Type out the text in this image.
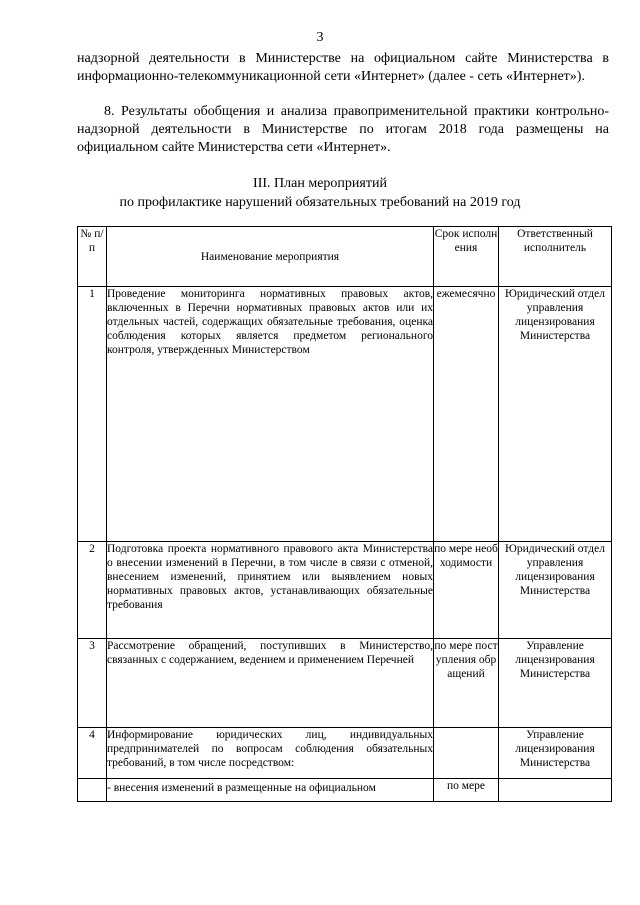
3

надзорной деятельности в Министерстве на официальном сайте Министерства в информационно-телекоммуникационной сети «Интернет» (далее - сеть «Интернет»).

8. Результаты обобщения и анализа правоприменительной практики контрольно-надзорной деятельности в Министерстве по итогам 2018 года размещены на официальном сайте Министерства сети «Интернет».

III. План мероприятий
по профилактике нарушений обязательных требований на 2019 год
№ п/п	Наименование мероприятия	Срок исполнения	Ответственный исполнитель
1	Проведение мониторинга нормативных правовых актов, включенных в Перечни нормативных правовых актов или их отдельных частей, содержащих обязательные требования, оценка соблюдения которых является предметом регионального контроля, утвержденных Министерством	ежемесячно	Юридический отдел управления лицензирования Министерства
2	Подготовка проекта нормативного правового акта Министерства о внесении изменений в Перечни, в том числе в связи с отменой, внесением изменений, принятием или выявлением новых нормативных правовых актов, устанавливающих обязательные требования	по мере необходимости	Юридический отдел управления лицензирования Министерства
3	Рассмотрение обращений, поступивших в Министерство, связанных с содержанием, ведением и применением Перечней	по мере поступления обращений	Управление лицензирования Министерства
4	Информирование юридических лиц, индивидуальных предпринимателей по вопросам соблюдения обязательных требований, в том числе посредством:		Управление лицензирования Министерства
	- внесения изменений в размещенные на официальном	по мере	
